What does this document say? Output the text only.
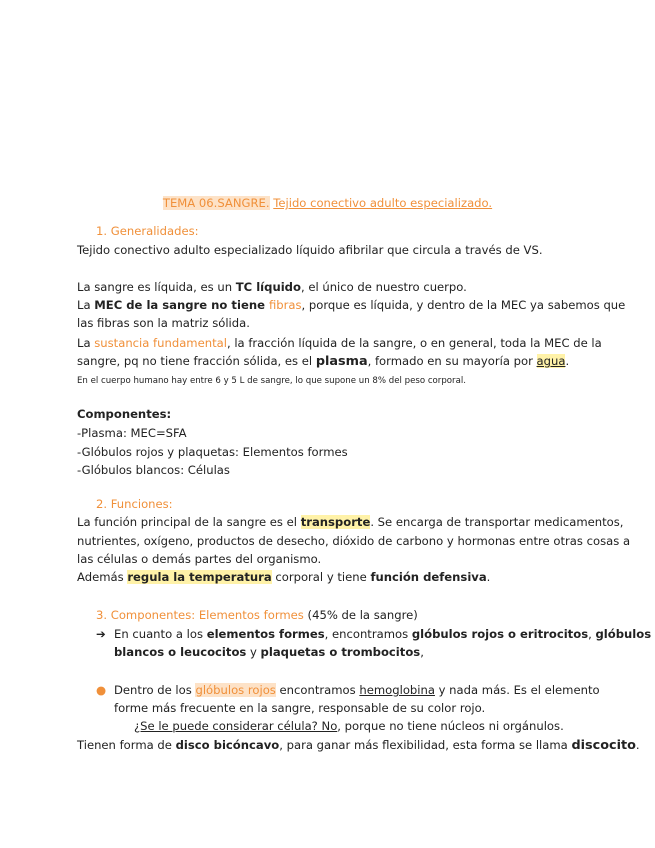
TEMA 06.SANGRE. Tejido conectivo adulto especializado.
1. Generalidades:
Tejido conectivo adulto especializado líquido afibrilar que circula a través de VS.
La sangre es líquida, es un TC líquido, el único de nuestro cuerpo.
La MEC de la sangre no tiene fibras, porque es líquida, y dentro de la MEC ya sabemos que
las fibras son la matriz sólida.
La sustancia fundamental, la fracción líquida de la sangre, o en general, toda la MEC de la
sangre, pq no tiene fracción sólida, es el plasma, formado en su mayoría por agua.
En el cuerpo humano hay entre 6 y 5 L de sangre, lo que supone un 8% del peso corporal.
Componentes:
-Plasma: MEC=SFA
-Glóbulos rojos y plaquetas: Elementos formes
-Glóbulos blancos: Células
2. Funciones:
La función principal de la sangre es el transporte. Se encarga de transportar medicamentos,
nutrientes, oxígeno, productos de desecho, dióxido de carbono y hormonas entre otras cosas a
las células o demás partes del organismo.
Además regula la temperatura corporal y tiene función defensiva.
3. Componentes: Elementos formes (45% de la sangre)
➔ En cuanto a los elementos formes, encontramos glóbulos rojos o eritrocitos, glóbulos
blancos o leucocitos y plaquetas o trombocitos,
● Dentro de los glóbulos rojos encontramos hemoglobina y nada más. Es el elemento
forme más frecuente en la sangre, responsable de su color rojo.
¿Se le puede considerar célula? No, porque no tiene núcleos ni orgánulos.
Tienen forma de disco bicóncavo, para ganar más flexibilidad, esta forma se llama discocito.
